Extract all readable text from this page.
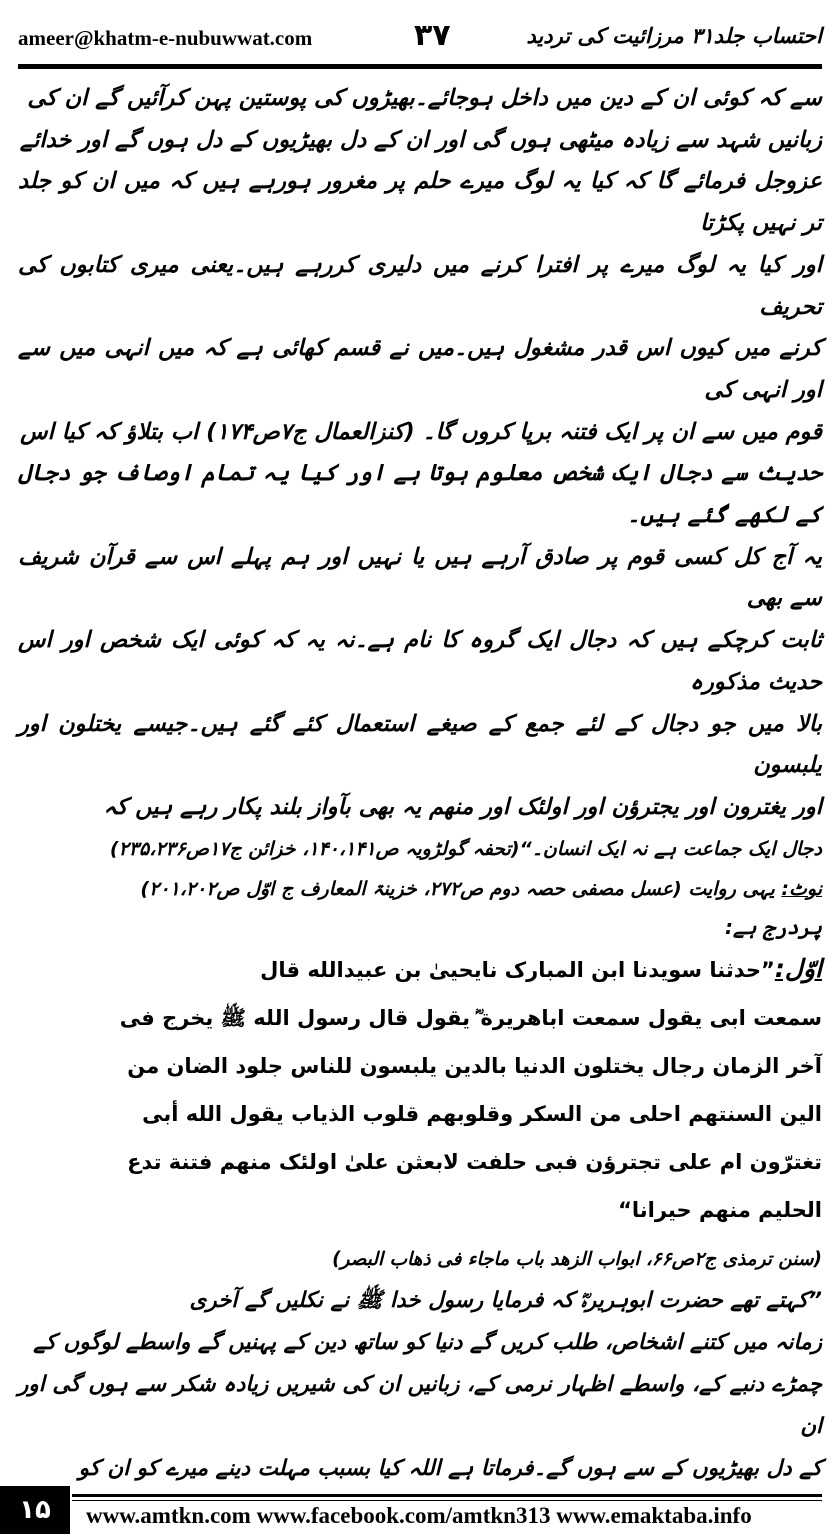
ameer@khatm-e-nubuwwat.com	۳۷	احتساب جلد۳۱ مرزائیت کی تردید

سے کہ کوئی ان کے دین میں داخل ہوجائے۔بھیڑوں کی پوستین پہن کرآئیں گے ان کی

زبانیں شہد سے زیادہ میٹھی ہوں گی اور ان کے دل بھیڑیوں کے دل ہوں گے اور خدائے

عزوجل فرمائے گا کہ کیا یہ لوگ میرے حلم پر مغرور ہورہے ہیں کہ میں ان کو جلد تر نہیں پکڑتا

اور کیا یہ لوگ میرے پر افترا کرنے میں دلیری کررہے ہیں۔یعنی میری کتابوں کی تحریف

کرنے میں کیوں اس قدر مشغول ہیں۔میں نے قسم کھائی ہے کہ میں انہی میں سے اور انہی کی

قوم میں سے ان پر ایک فتنہ برپا کروں گا۔ (کنزالعمال ج۷ص۱۷۴) اب بتلاؤ کہ کیا اس

حدیث سے دجال ایک شخص معلوم ہوتا ہے اور کیا یہ تمام اوصاف جو دجال کے لکھے گئے ہیں۔

یہ آج کل کسی قوم پر صادق آرہے ہیں یا نہیں اور ہم پہلے اس سے قرآن شریف سے بھی

ثابت کرچکے ہیں کہ دجال ایک گروہ کا نام ہے۔نہ یہ کہ کوئی ایک شخص اور اس حدیث مذکورہ

بالا میں جو دجال کے لئے جمع کے صیغے استعمال کئے گئے ہیں۔جیسے یختلون اور یلبسون

اور یغترون اور یجترؤن اور اولئک اور منھم یہ بھی بآواز بلند پکار رہے ہیں کہ

دجال ایک جماعت ہے نہ ایک انسان۔“(تحفہ گولڑویہ ص۱۴۰،۱۴۱، خزائن ج۱۷ص۲۳۵،۲۳۶)

نوٹ: یہی روایت (عسل مصفی حصہ دوم ص۲۷۲، خزینۃ المعارف ج اوّل ص۲۰۱،۲۰۲)

پردرج ہے:

اوّل:”حدثنا سویدنا ابن المبارک نایحییٰ بن عبیدالله قال

سمعت ابی یقول سمعت اباهریرة ؓ یقول قال رسول الله ﷺ یخرج فی

آخر الزمان رجال یختلون الدنیا بالدین یلبسون للناس جلود الضان من

الین السنتهم احلی من السکر وقلوبهم قلوب الذیاب یقول الله أبی

تغترّون ام علی تجترؤن فبی حلفت لابعثن علیٰ اولئک منهم فتنة تدع

الحلیم منهم حیرانا“

(سنن ترمذی ج۲ص۶۶، ابواب الزهد باب ماجاء فی ذهاب البصر)

”کہتے تھے حضرت ابوہریرہؓ کہ فرمایا رسول خدا ﷺ نے نکلیں گے آخری

زمانہ میں کتنے اشخاص، طلب کریں گے دنیا کو ساتھ دین کے پہنیں گے واسطے لوگوں کے

چمڑے دنبے کے، واسطے اظہار نرمی کے، زبانیں ان کی شیریں زیادہ شکر سے ہوں گی اور ان

کے دل بھیڑیوں کے سے ہوں گے۔فرماتا ہے اللہ کیا بسبب مہلت دینے میرے کو ان کو

۱۵	www.amtkn.com www.facebook.com/amtkn313 www.emaktaba.info
